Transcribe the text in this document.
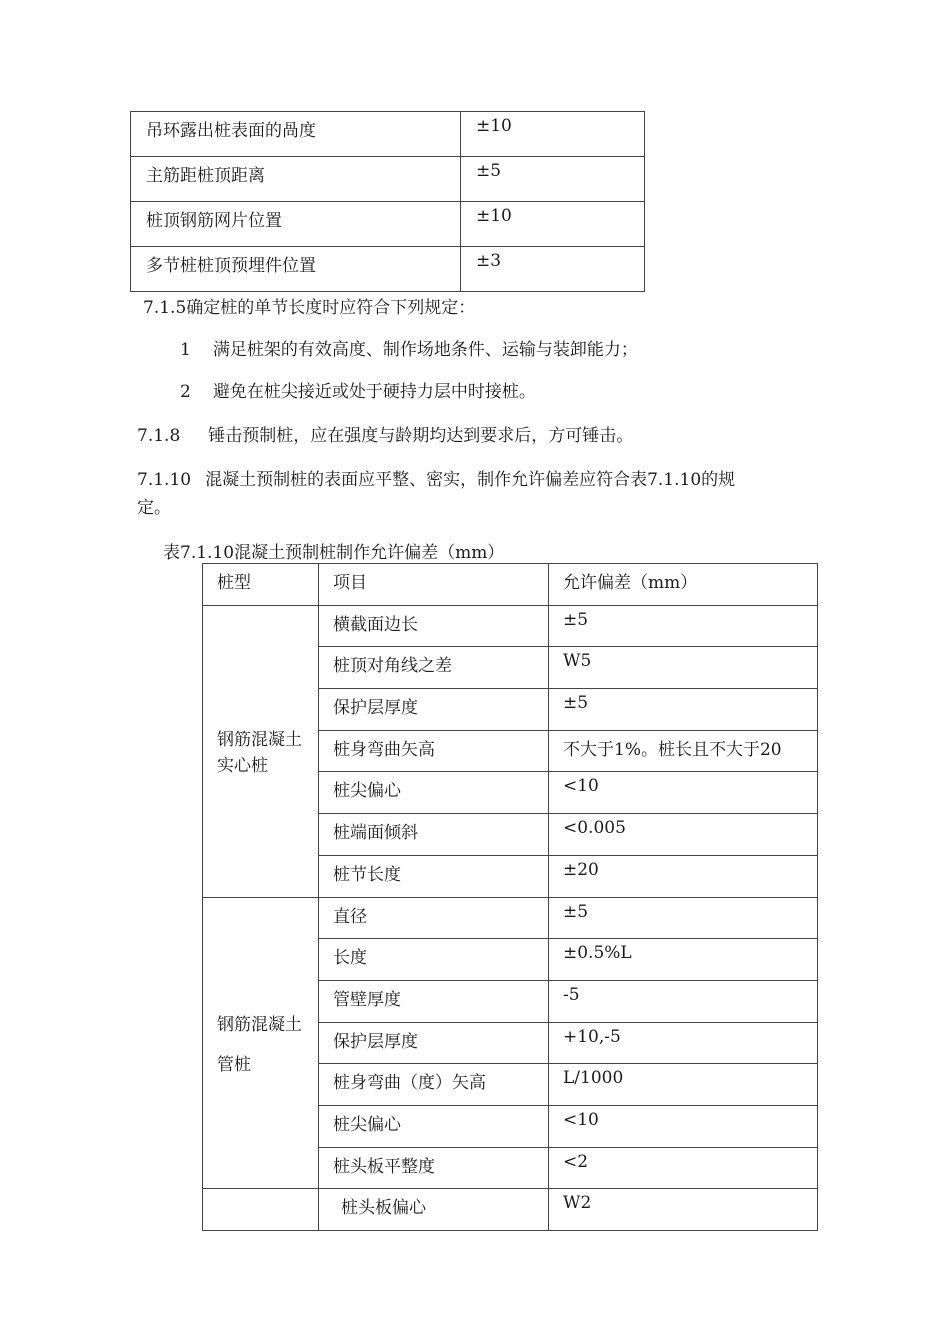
吊环露出桩表面的咼度	±10
主筋距桩顶距离	±5
桩顶钢筋网片位置	±10
多节桩桩顶预埋件位置	±3

7.1.5确定桩的单节长度时应符合下列规定：

1 满足桩架的有效高度、制作场地条件、运输与装卸能力；

2 避免在桩尖接近或处于硬持力层中时接桩。

7.1.8 锤击预制桩，应在强度与龄期均达到要求后，方可锤击。

7.1.10 混凝土预制桩的表面应平整、密实，制作允许偏差应符合表7.1.10的规

定。

表7.1.10混凝土预制桩制作允许偏差（mm）

桩型	项目	允许偏差（mm）

钢筋混凝土
实心桩	横截面边长	±5
	桩顶对角线之差	W5
	保护层厚度	±5
	桩身弯曲矢高	不大于1%。桩长且不大于20
	桩尖偏心	<10
	桩端面倾斜	<0.005
	桩节长度	±20

钢筋混凝土
管桩	直径	±5
	长度	±0.5%L
	管壁厚度	-5
	保护层厚度	+10,-5
	桩身弯曲（度）矢高	L/1000
	桩尖偏心	<10
	桩头板平整度	<2
	桩头板偏心	W2
